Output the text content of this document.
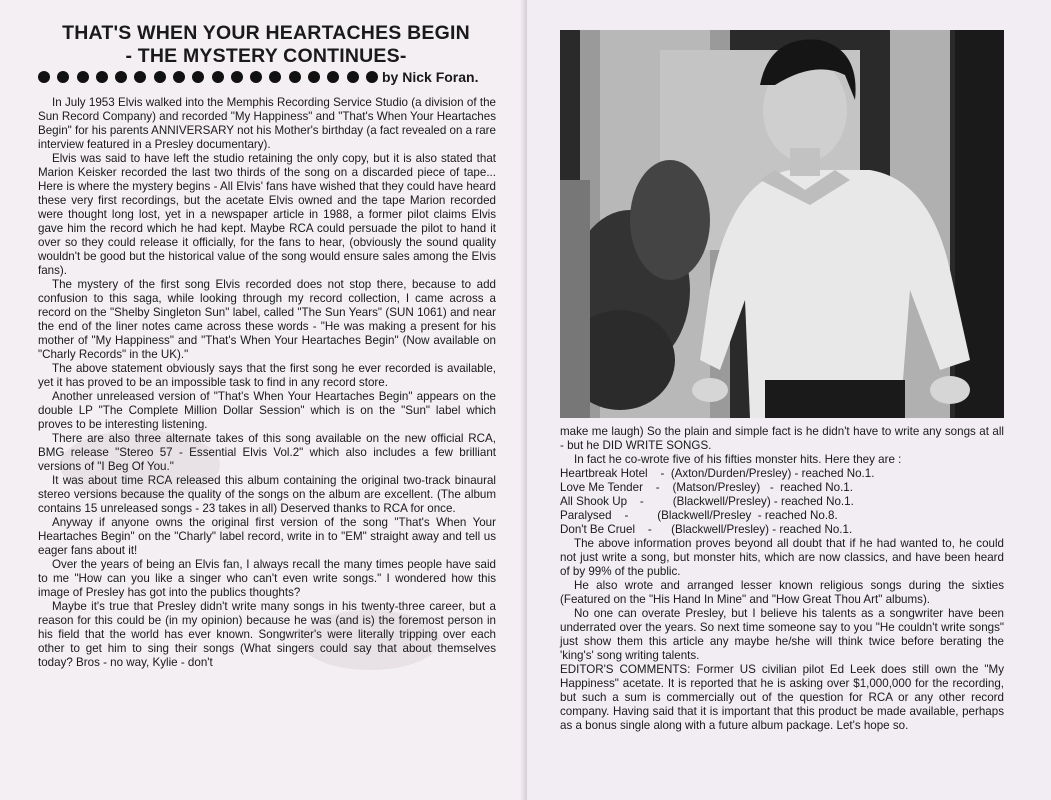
THAT'S WHEN YOUR HEARTACHES BEGIN
- THE MYSTERY CONTINUES-
by Nick Foran.

In July 1953 Elvis walked into the Memphis Recording Service Studio (a division of the Sun Record Company) and recorded "My Happiness" and "That's When Your Heartaches Begin" for his parents ANNIVERSARY not his Mother's birthday (a fact revealed on a rare interview featured in a Presley documentary).

Elvis was said to have left the studio retaining the only copy, but it is also stated that Marion Keisker recorded the last two thirds of the song on a discarded piece of tape... Here is where the mystery begins - All Elvis' fans have wished that they could have heard these very first recordings, but the acetate Elvis owned and the tape Marion recorded were thought long lost, yet in a newspaper article in 1988, a former pilot claims Elvis gave him the record which he had kept. Maybe RCA could persuade the pilot to hand it over so they could release it officially, for the fans to hear, (obviously the sound quality wouldn't be good but the historical value of the song would ensure sales among the Elvis fans).

The mystery of the first song Elvis recorded does not stop there, because to add confusion to this saga, while looking through my record collection, I came across a record on the "Shelby Singleton Sun" label, called "The Sun Years" (SUN 1061) and near the end of the liner notes came across these words - "He was making a present for his mother of "My Happiness" and "That's When Your Heartaches Begin" (Now available on "Charly Records" in the UK)."

The above statement obviously says that the first song he ever recorded is available, yet it has proved to be an impossible task to find in any record store.

Another unreleased version of "That's When Your Heartaches Begin" appears on the double LP "The Complete Million Dollar Session" which is on the "Sun" label which proves to be interesting listening.

There are also three alternate takes of this song available on the new official RCA, BMG release "Stereo 57 - Essential Elvis Vol.2" which also includes a few brilliant versions of "I Beg Of You."

It was about time RCA released this album containing the original two-track binaural stereo versions because the quality of the songs on the album are excellent. (The album contains 15 unreleased songs - 23 takes in all) Deserved thanks to RCA for once.

Anyway if anyone owns the original first version of the song "That's When Your Heartaches Begin" on the "Charly" label record, write in to "EM" straight away and tell us eager fans about it!

Over the years of being an Elvis fan, I always recall the many times people have said to me "How can you like a singer who can't even write songs." I wondered how this image of Presley has got into the publics thoughts?

Maybe it's true that Presley didn't write many songs in his twenty-three career, but a reason for this could be (in my opinion) because he was (and is) the foremost person in his field that the world has ever known. Songwriter's were literally tripping over each other to get him to sing their songs (What singers could say that about themselves today? Bros - no way, Kylie - don't

make me laugh) So the plain and simple fact is he didn't have to write any songs at all - but he DID WRITE SONGS.

In fact he co-wrote five of his fifties monster hits. Here they are :

Heartbreak Hotel    -  (Axton/Durden/Presley) - reached No.1.
Love Me Tender    -    (Matson/Presley)   -  reached No.1.
All Shook Up    -         (Blackwell/Presley) - reached No.1.
Paralysed    -         (Blackwell/Presley  - reached No.8.
Don't Be Cruel    -      (Blackwell/Presley) - reached No.1.

The above information proves beyond all doubt that if he had wanted to, he could not just write a song, but monster hits, which are now classics, and have been heard of by 99% of the public.

He also wrote and arranged lesser known religious songs during the sixties (Featured on the "His Hand In Mine" and "How Great Thou Art" albums).

No one can overate Presley, but I believe his talents as a songwriter have been underrated over the years. So next time someone say to you "He couldn't write songs" just show them this article any maybe he/she will think twice before berating the 'king's' song writing talents.

EDITOR'S COMMENTS: Former US civilian pilot Ed Leek does still own the "My Happiness" acetate. It is reported that he is asking over $1,000,000 for the recording, but such a sum is commercially out of the question for RCA or any other record company. Having said that it is important that this product be made available, perhaps as a bonus single along with a future album package. Let's hope so.
